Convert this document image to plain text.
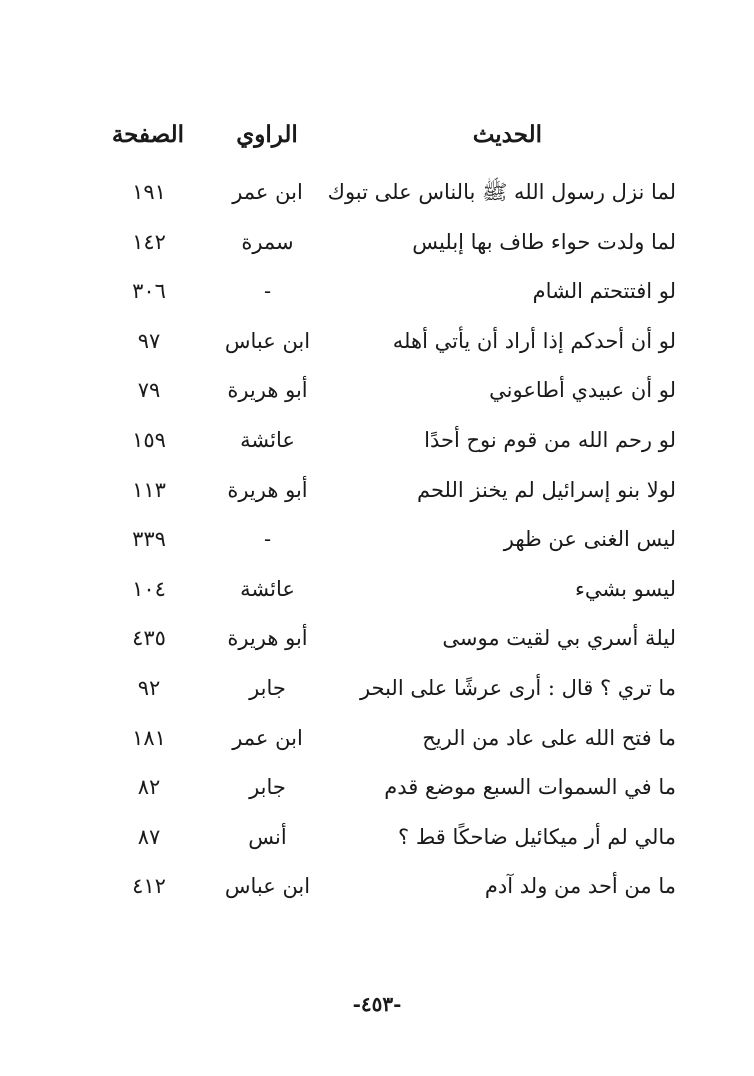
الحديث
الراوي
الصفحة
لما نزل رسول الله ﷺ بالناس على تبوك
ابن عمر
١٩١
لما ولدت حواء طاف بها إبليس
سمرة
١٤٢
لو افتتحتم الشام
-
٣٠٦
لو أن أحدكم إذا أراد أن يأتي أهله
ابن عباس
٩٧
لو أن عبيدي أطاعوني
أبو هريرة
٧٩
لو رحم الله من قوم نوح أحدًا
عائشة
١٥٩
لولا بنو إسرائيل لم يخنز اللحم
أبو هريرة
١١٣
ليس الغنى عن ظهر
-
٣٣٩
ليسو بشيء
عائشة
١٠٤
ليلة أسري بي لقيت موسى
أبو هريرة
٤٣٥
ما تري ؟ قال : أرى عرشًا على البحر
جابر
٩٢
ما فتح الله على عاد من الريح
ابن عمر
١٨١
ما في السموات السبع موضع قدم
جابر
٨٢
مالي لم أر ميكائيل ضاحكًا قط ؟
أنس
٨٧
ما من أحد من ولد آدم
ابن عباس
٤١٢
-٤٥٣-
